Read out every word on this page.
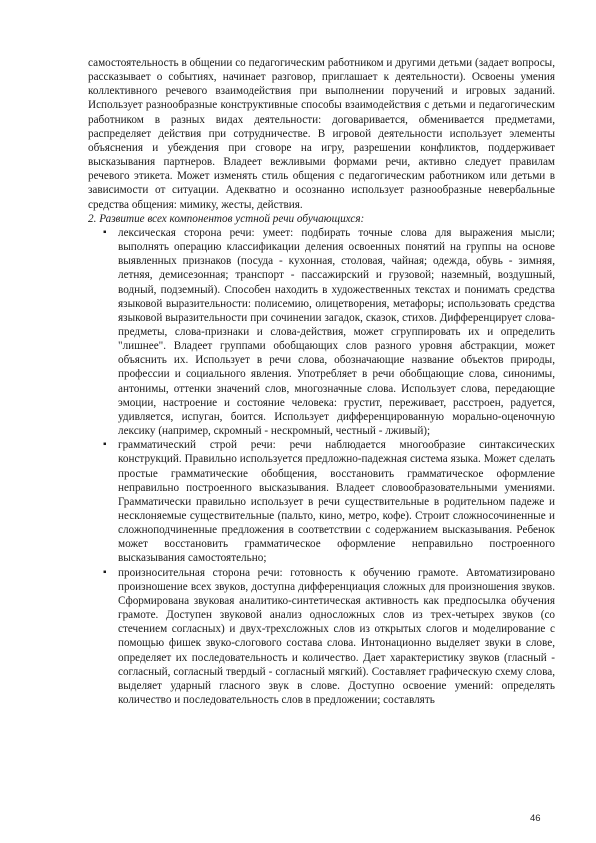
самостоятельность в общении со педагогическим работником и другими детьми (задает вопросы, рассказывает о событиях, начинает разговор, приглашает к деятельности). Освоены умения коллективного речевого взаимодействия при выполнении поручений и игровых заданий. Использует разнообразные конструктивные способы взаимодействия с детьми и педагогическим работником в разных видах деятельности: договаривается, обменивается предметами, распределяет действия при сотрудничестве. В игровой деятельности использует элементы объяснения и убеждения при сговоре на игру, разрешении конфликтов, поддерживает высказывания партнеров. Владеет вежливыми формами речи, активно следует правилам речевого этикета. Может изменять стиль общения с педагогическим работником или детьми в зависимости от ситуации. Адекватно и осознанно использует разнообразные невербальные средства общения: мимику, жесты, действия.

2. Развитие всех компонентов устной речи обучающихся:

▪ лексическая сторона речи: умеет: подбирать точные слова для выражения мысли; выполнять операцию классификации деления освоенных понятий на группы на основе выявленных признаков (посуда - кухонная, столовая, чайная; одежда, обувь - зимняя, летняя, демисезонная; транспорт - пассажирский и грузовой; наземный, воздушный, водный, подземный). Способен находить в художественных текстах и понимать средства языковой выразительности: полисемию, олицетворения, метафоры; использовать средства языковой выразительности при сочинении загадок, сказок, стихов. Дифференцирует слова-предметы, слова-признаки и слова-действия, может сгруппировать их и определить "лишнее". Владеет группами обобщающих слов разного уровня абстракции, может объяснить их. Использует в речи слова, обозначающие название объектов природы, профессии и социального явления. Употребляет в речи обобщающие слова, синонимы, антонимы, оттенки значений слов, многозначные слова. Использует слова, передающие эмоции, настроение и состояние человека: грустит, переживает, расстроен, радуется, удивляется, испуган, боится. Использует дифференцированную морально-оценочную лексику (например, скромный - нескромный, честный - лживый);
▪ грамматический строй речи: речи наблюдается многообразие синтаксических конструкций. Правильно используется предложно-падежная система языка. Может сделать простые грамматические обобщения, восстановить грамматическое оформление неправильно построенного высказывания. Владеет словообразовательными умениями. Грамматически правильно использует в речи существительные в родительном падеже и несклоняемые существительные (пальто, кино, метро, кофе). Строит сложносочиненные и сложноподчиненные предложения в соответствии с содержанием высказывания. Ребенок может восстановить грамматическое оформление неправильно построенного высказывания самостоятельно;
▪ произносительная сторона речи: готовность к обучению грамоте. Автоматизировано произношение всех звуков, доступна дифференциация сложных для произношения звуков. Сформирована звуковая аналитико-синтетическая активность как предпосылка обучения грамоте. Доступен звуковой анализ односложных слов из трех-четырех звуков (со стечением согласных) и двух-трехсложных слов из открытых слогов и моделирование с помощью фишек звуко-слогового состава слова. Интонационно выделяет звуки в слове, определяет их последовательность и количество. Дает характеристику звуков (гласный - согласный, согласный твердый - согласный мягкий). Составляет графическую схему слова, выделяет ударный гласного звук в слове. Доступно освоение умений: определять количество и последовательность слов в предложении; составлять
46
